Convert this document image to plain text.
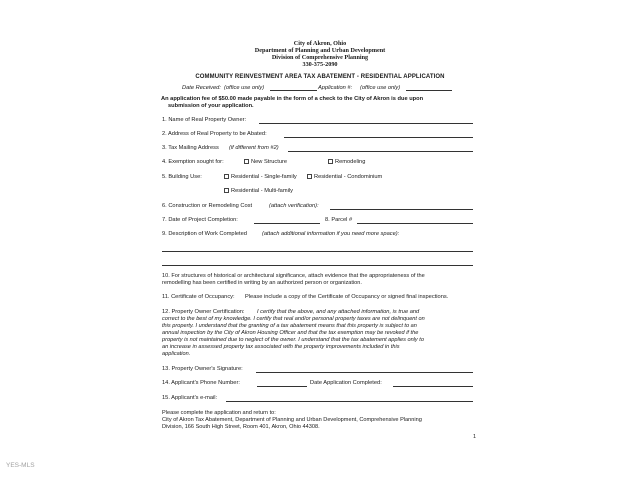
City of Akron, Ohio
Department of Planning and Urban Development
Division of Comprehensive Planning
330-375-2090
COMMUNITY REINVESTMENT AREA TAX ABATEMENT - RESIDENTIAL APPLICATION
Date Received: (office use only)	Application #: (office use only)
An application fee of $50.00 made payable in the form of a check to the City of Akron is due upon
submission of your application.
1. Name of Real Property Owner:
2. Address of Real Property to be Abated:
3. Tax Mailing Address (if different from #2)
4. Exemption sought for:	New Structure	Remodeling
5. Building Use:	Residential - Single-family	Residential - Condominium
Residential - Multi-family
6. Construction or Remodeling Cost	(attach verification):
7. Date of Project Completion:	8. Parcel #
9. Description of Work Completed	(attach additional information if you need more space):
10. For structures of historical or architectural significance, attach evidence that the appropriateness of the
remodelling has been certified in writing by an authorized person or organization.
11. Certificate of Occupancy: Please include a copy of the Certificate of Occupancy or signed final inspections.
12. Property Owner Certification: I certify that the above, and any attached information, is true and
correct to the best of my knowledge. I certify that real and/or personal property taxes are not delinquent on
this property. I understand that the granting of a tax abatement means that this property is subject to an
annual inspection by the City of Akron Housing Officer and that the tax exemption may be revoked if the
property is not maintained due to neglect of the owner. I understand that the tax abatement applies only to
an increase in assessed property tax associated with the property improvements included in this
application.
13. Property Owner's Signature:
14. Applicant's Phone Number:	Date Application Completed:
15. Applicant's e-mail:
Please complete the application and return to:
City of Akron Tax Abatement, Department of Planning and Urban Development, Comprehensive Planning
Division, 166 South High Street, Room 401, Akron, Ohio 44308.
1
YES-MLS
